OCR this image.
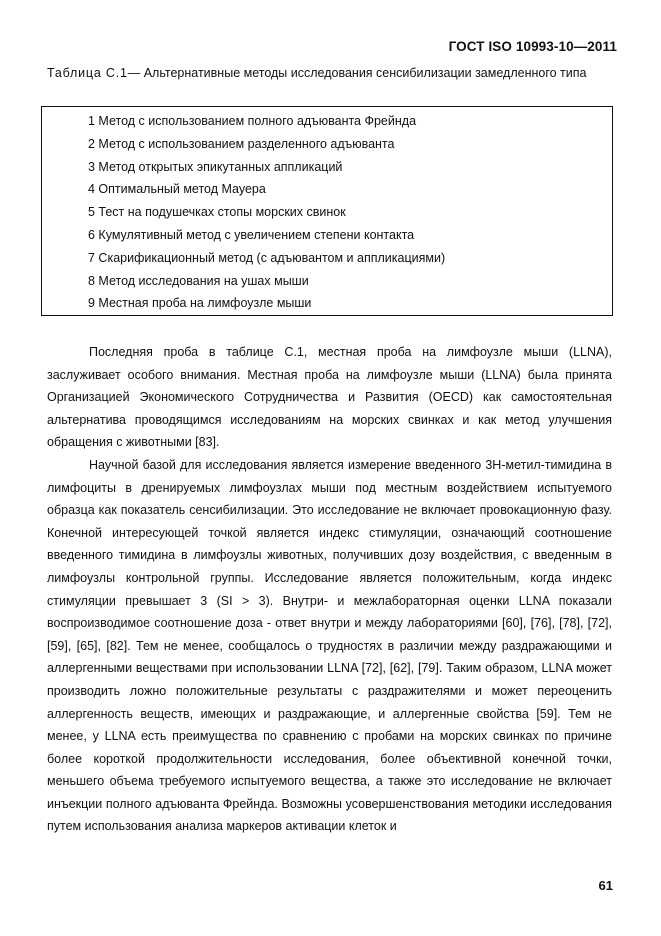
ГОСТ ISO 10993-10—2011
Таблица С.1— Альтернативные методы исследования сенсибилизации замедленного типа
1 Метод с использованием полного адъюванта Фрейнда
2 Метод с использованием разделенного адъюванта
3 Метод открытых эпикутанных аппликаций
4 Оптимальный метод Мауера
5 Тест на подушечках стопы морских свинок
6 Кумулятивный метод с увеличением степени контакта
7 Скарификационный метод (с адъювантом и аппликациями)
8 Метод исследования на ушах мыши
9 Местная проба на лимфоузле мыши

Последняя проба в таблице С.1, местная проба на лимфоузле мыши (LLNA), заслуживает особого внимания. Местная проба на лимфоузле мыши (LLNA) была принята Организацией Экономического Сотрудничества и Развития (OECD) как самостоятельная альтернатива проводящимся исследованиям на морских свинках и как метод улучшения обращения с животными [83].

Научной базой для исследования является измерение введенного 3H-метил-тимидина в лимфоциты в дренируемых лимфоузлах мыши под местным воздействием испытуемого образца как показатель сенсибилизации. Это исследование не включает провокационную фазу. Конечной интересующей точкой является индекс стимуляции, означающий соотношение введенного тимидина в лимфоузлы животных, получивших дозу воздействия, с введенным в лимфоузлы контрольной группы. Исследование является положительным, когда индекс стимуляции превышает 3 (SI > 3). Внутри- и межлабораторная оценки LLNA показали воспроизводимое соотношение доза - ответ внутри и между лабораториями [60], [76], [78], [72], [59], [65], [82]. Тем не менее, сообщалось о трудностях в различии между раздражающими и аллергенными веществами при использовании LLNA [72], [62], [79]. Таким образом, LLNA может производить ложно положительные результаты с раздражителями и может переоценить аллергенность веществ, имеющих и раздражающие, и аллергенные свойства [59]. Тем не менее, у LLNA есть преимущества по сравнению с пробами на морских свинках по причине более короткой продолжительности исследования, более объективной конечной точки, меньшего объема требуемого испытуемого вещества, а также это исследование не включает инъекции полного адъюванта Фрейнда. Возможны усовершенствования методики исследования путем использования анализа маркеров активации клеток и

61
